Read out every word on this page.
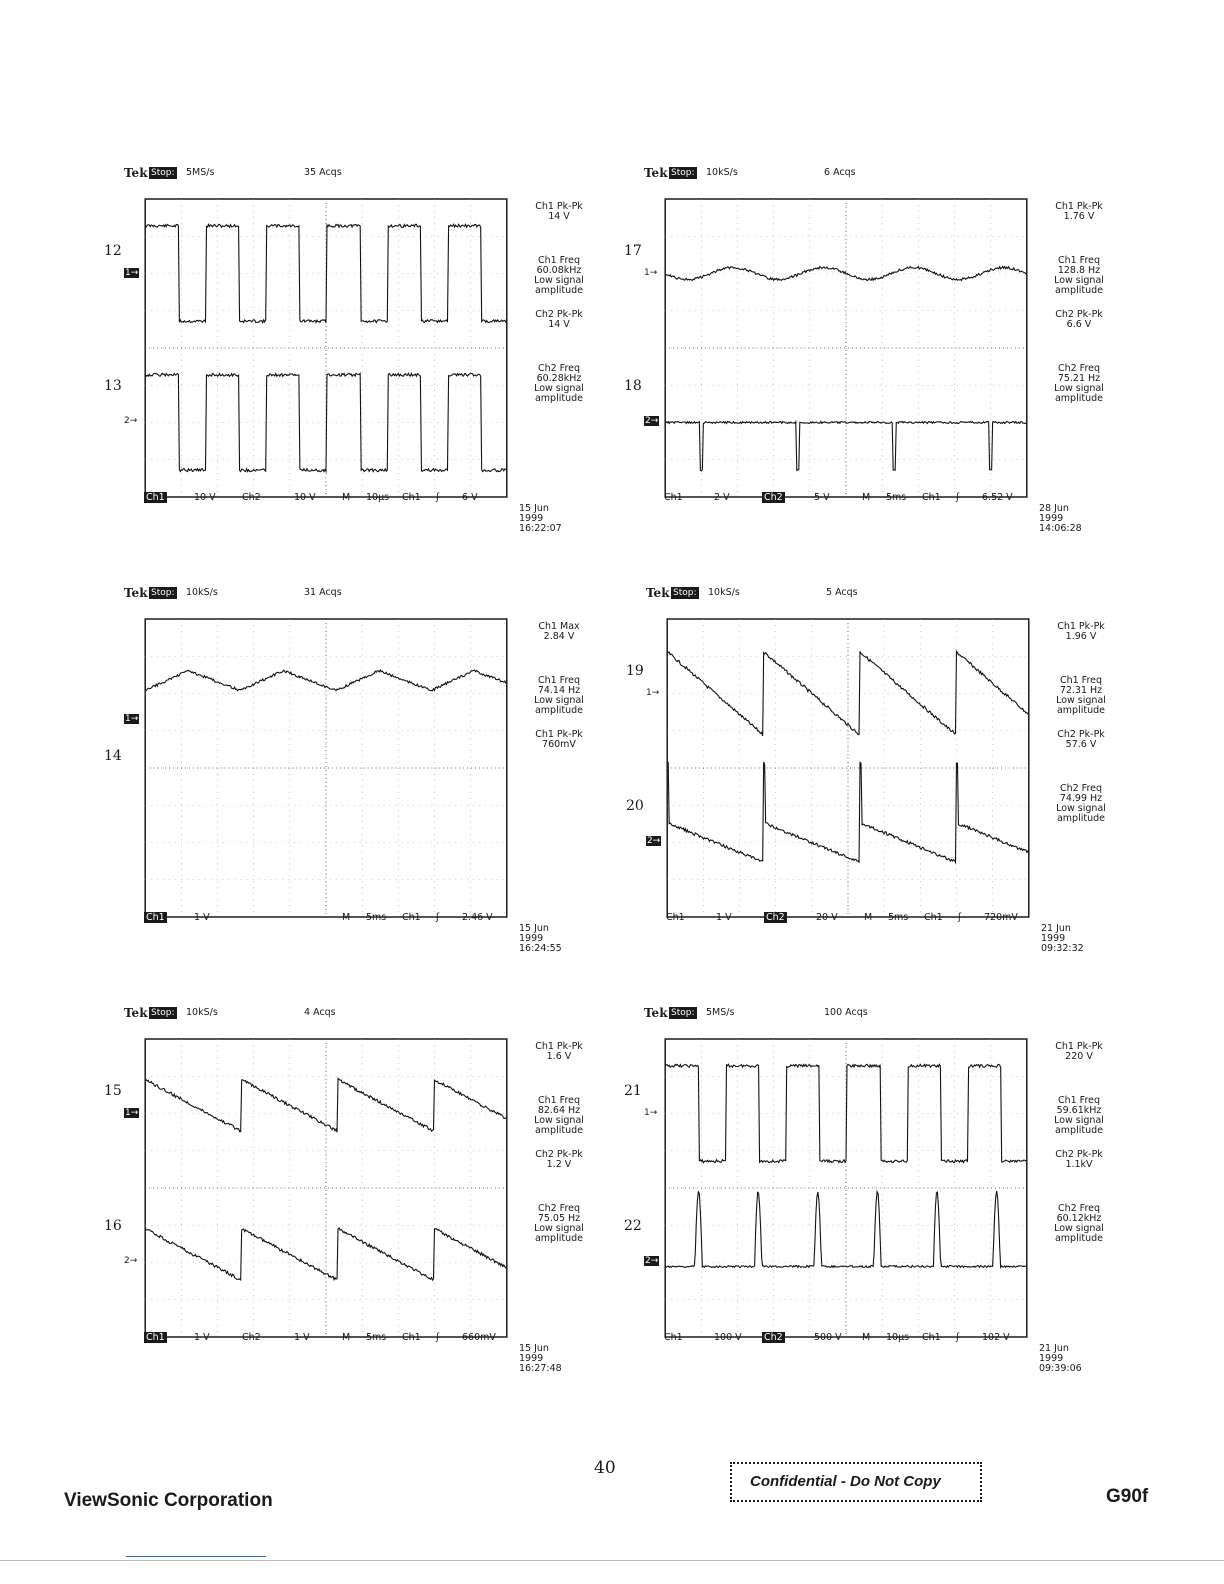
Tek Stop: 5MS/s	35 Acqs
1→
2→
12
13
Ch1	10 V	Ch2	10 V	M 10µs Ch1 ʃ 6 V
Ch1 Pk-Pk
14 V
Ch1 Freq
60.08kHz
Low signal
amplitude
Ch2 Pk-Pk
14 V
Ch2 Freq
60.28kHz
Low signal
amplitude
15 Jun 1999
16:22:07
Tek Stop: 10kS/s	6 Acqs
1→
2→
17
18
Ch1	2 V	Ch2	5 V	M 5ms Ch1 ʃ 6.52 V
Ch1 Pk-Pk
1.76 V
Ch1 Freq
128.8 Hz
Low signal
amplitude
Ch2 Pk-Pk
6.6 V
Ch2 Freq
75.21 Hz
Low signal
amplitude
28 Jun 1999
14:06:28
Tek Stop: 10kS/s	31 Acqs
1→
14
Ch1	1 V	M 5ms Ch1 ʃ 2.46 V
Ch1 Max
2.84 V
Ch1 Freq
74.14 Hz
Low signal
amplitude
Ch1 Pk-Pk
760mV
15 Jun 1999
16:24:55
Tek Stop: 10kS/s	5 Acqs
1→
2→
19
20
Ch1	1 V	Ch2	20 V	M 5ms Ch1 ʃ 720mV
Ch1 Pk-Pk
1.96 V
Ch1 Freq
72.31 Hz
Low signal
amplitude
Ch2 Pk-Pk
57.6 V
Ch2 Freq
74.99 Hz
Low signal
amplitude
21 Jun 1999
09:32:32
Tek Stop: 10kS/s	4 Acqs
1→
2→
15
16
Ch1	1 V	Ch2	1 V	M 5ms Ch1 ʃ 660mV
Ch1 Pk-Pk
1.6 V
Ch1 Freq
82.64 Hz
Low signal
amplitude
Ch2 Pk-Pk
1.2 V
Ch2 Freq
75.05 Hz
Low signal
amplitude
15 Jun 1999
16:27:48
Tek Stop: 5MS/s	100 Acqs
1→
2→
21
22
Ch1	100 V Ch2	500 V M 10µs Ch1 ʃ 102 V
Ch1 Pk-Pk
220 V
Ch1 Freq
59.61kHz
Low signal
amplitude
Ch2 Pk-Pk
1.1kV
Ch2 Freq
60.12kHz
Low signal
amplitude
21 Jun 1999
09:39:06
ViewSonic Corporation
40
Confidential - Do Not Copy
G90f
